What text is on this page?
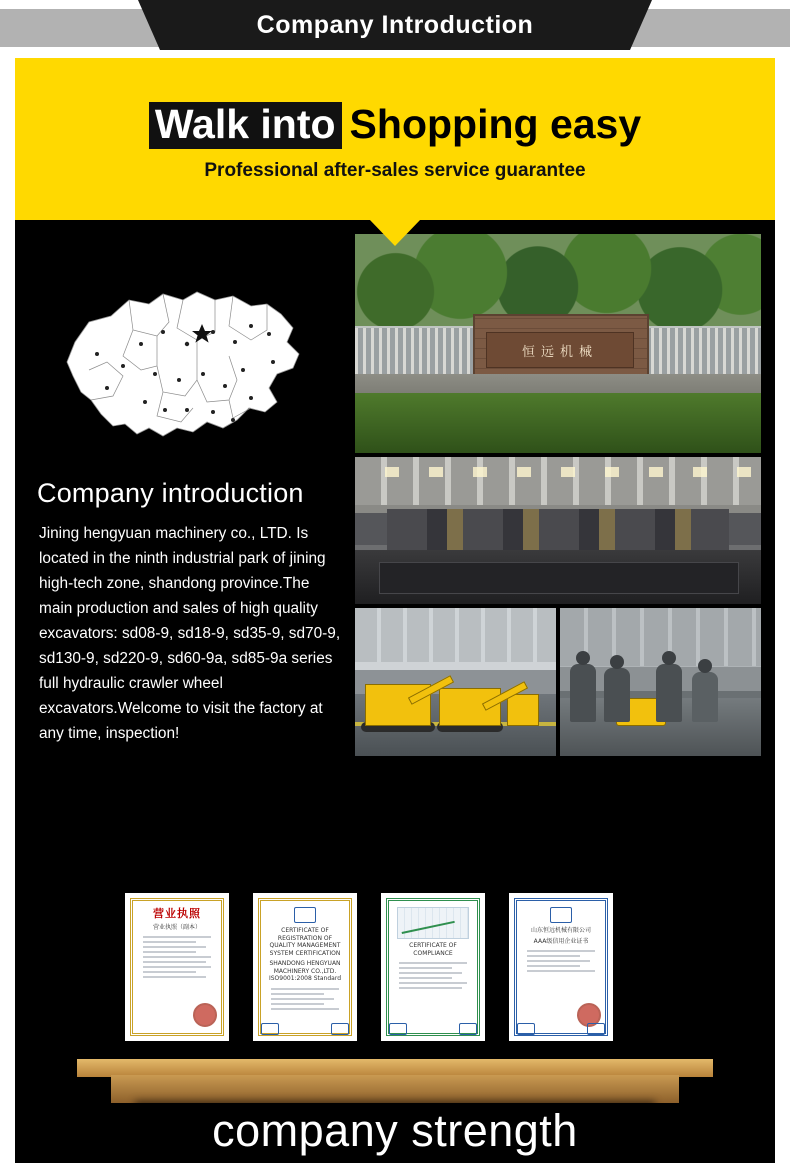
Company Introduction
Walk into Shopping easy
Professional after-sales service guarantee
Company introduction
Jining hengyuan machinery co., LTD. Is located in the ninth industrial park of jining high-tech zone, shandong province.The main production and sales of high quality excavators: sd08-9, sd18-9, sd35-9, sd70-9, sd130-9, sd220-9, sd60-9a, sd85-9a series full hydraulic crawler wheel excavators.Welcome to visit the factory at any time, inspection!
恒远机械
营业执照
营业执照（副本）	CERTIFICATE OF REGISTRATION OF QUALITY MANAGEMENT SYSTEM CERTIFICATION
SHANDONG HENGYUAN MACHINERY CO.,LTD. ISO9001:2008 Standard
CERTIFICATE OF COMPLIANCE
山东恒远机械有限公司
AAA级信用企业证书
company strength
